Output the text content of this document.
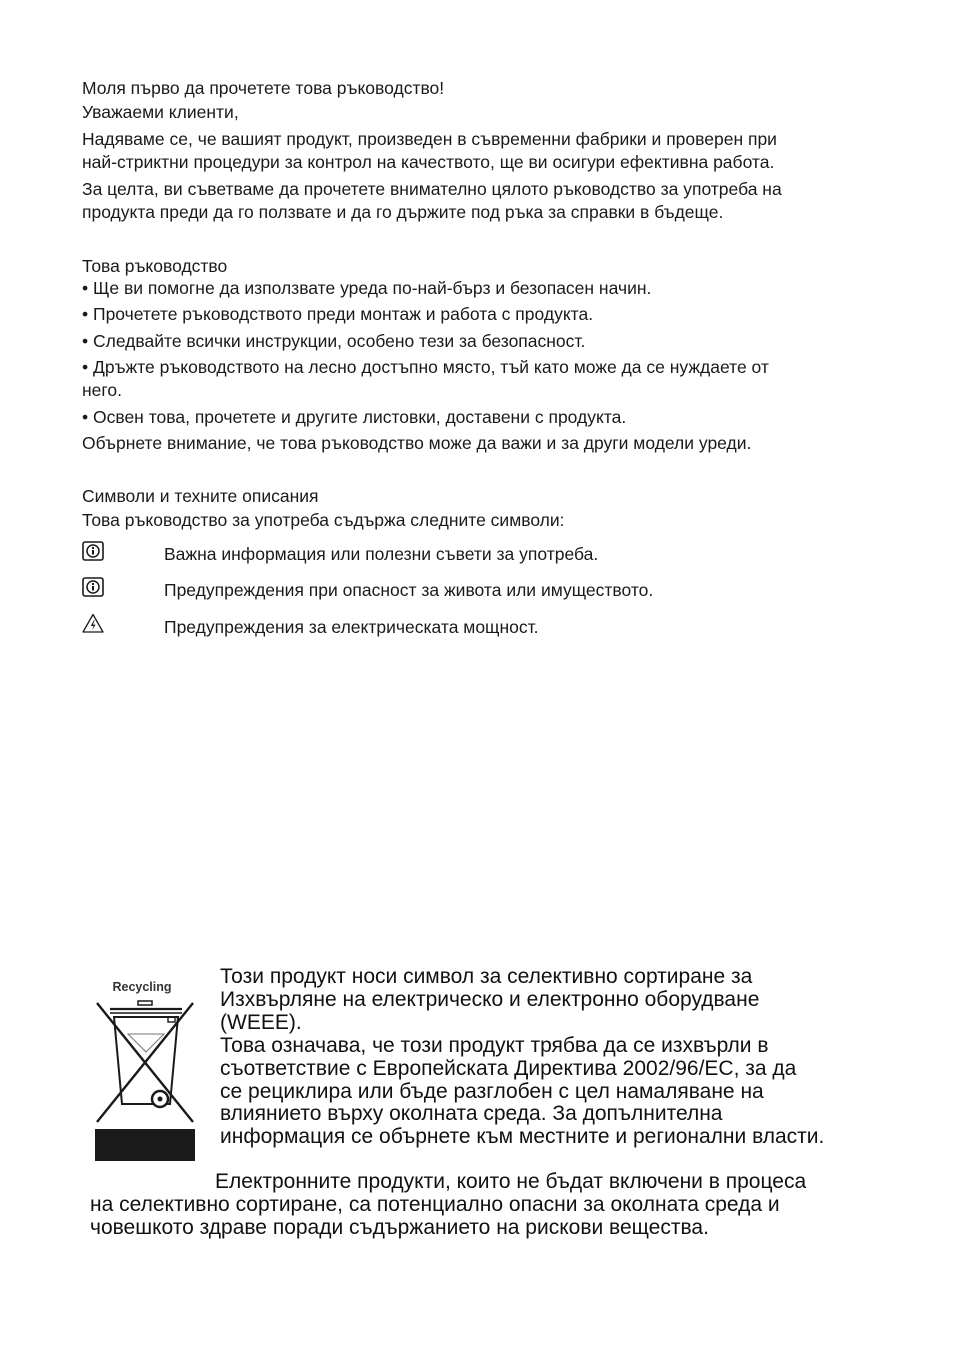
Моля първо да прочетете това ръководство!
Уважаеми клиенти,
Надяваме се, че вашият продукт, произведен в съвременни фабрики и проверен при
най-стриктни процедури за контрол на качеството, ще ви осигури ефективна работа.
За целта, ви съветваме да прочетете внимателно цялото ръководство за употреба на
продукта преди да го ползвате и да го държите под ръка за справки в бъдеще.
Това ръководство
• Ще ви помогне да използвате уреда по-най-бърз и безопасен начин.
• Прочетете ръководството преди монтаж и работа с продукта.
• Следвайте всички инструкции, особено тези за безопасност.
• Дръжте ръководството на лесно достъпно място, тъй като може да се нуждаете от
него.
• Освен това, прочетете и другите листовки, доставени с продукта.
Обърнете внимание, че това ръководство може да важи и за други модели уреди.
Символи и техните описания
Това ръководство за употреба съдържа следните символи:
Важна информация или полезни съвети за употреба.
Предупреждения при опасност за живота или имуществото.
Предупреждения за електрическата мощност.
Recycling	Този продукт носи символ за селективно сортиране за
Изхвърляне на електрическо и електронно оборудване
(WEEE).
Това означава, че този продукт трябва да се изхвърли в
съответствие с Европейската Директива 2002/96/EC, за да
се рециклира или бъде разглобен с цел намаляване на
влиянието върху околната среда. За допълнителна
информация се обърнете към местните и регионални власти.
Електронните продукти, които не бъдат включени в процеса
на селективно сортиране, са потенциално опасни за околната среда и
човешкото здраве поради съдържанието на рискови вещества.
